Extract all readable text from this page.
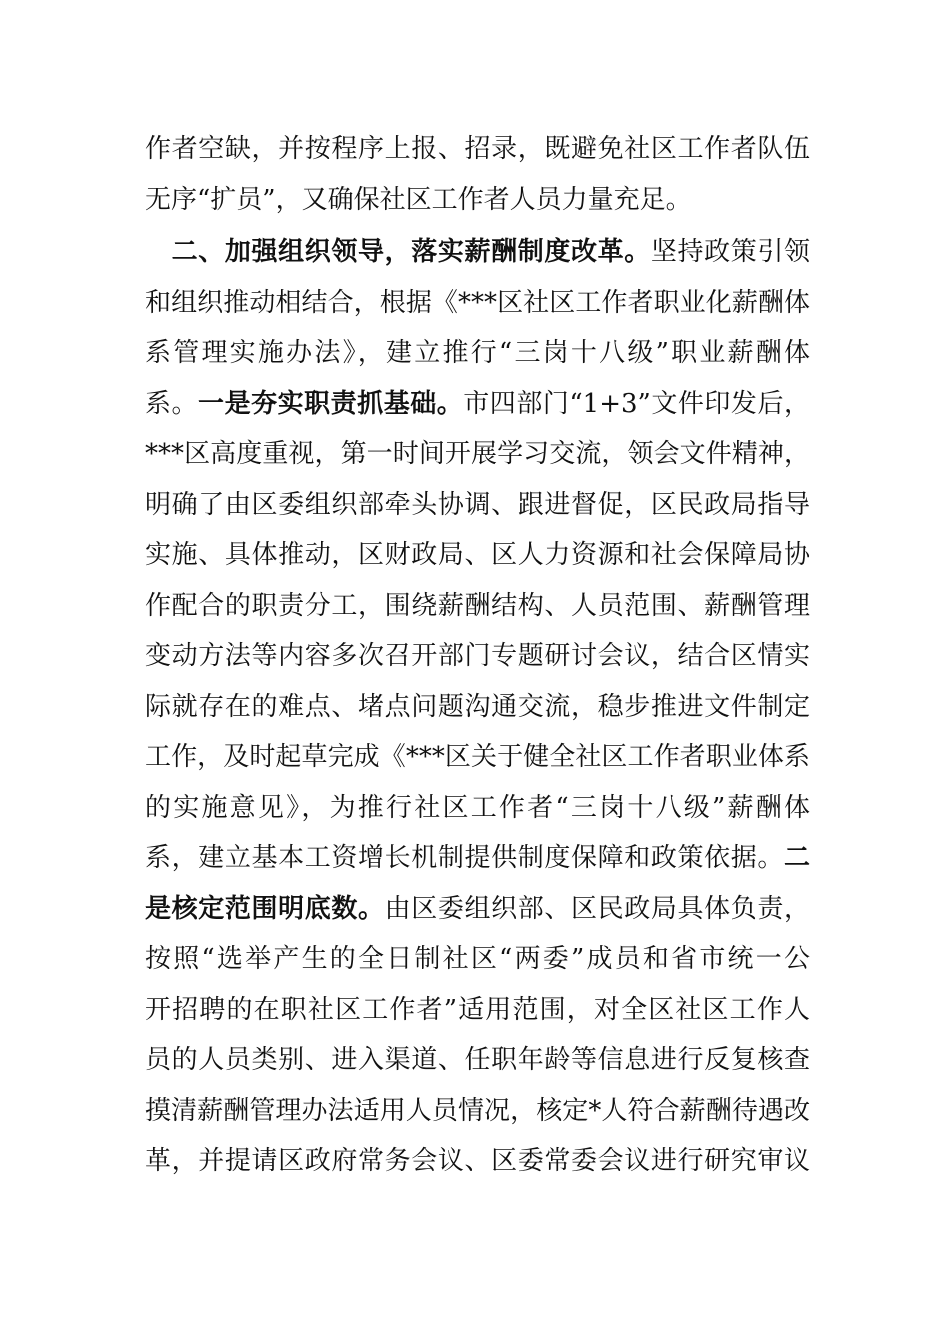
作者空缺，并按程序上报、招录，既避免社区工作者队伍
无序“扩员”，又确保社区工作者人员力量充足。
　二、加强组织领导，落实薪酬制度改革。坚持政策引领
和组织推动相结合，根据《***区社区工作者职业化薪酬体
系管理实施办法》，建立推行“三岗十八级”职业薪酬体
系。一是夯实职责抓基础。市四部门“1+3”文件印发后，
***区高度重视，第一时间开展学习交流，领会文件精神，
明确了由区委组织部牵头协调、跟进督促，区民政局指导
实施、具体推动，区财政局、区人力资源和社会保障局协
作配合的职责分工，围绕薪酬结构、人员范围、薪酬管理
变动方法等内容多次召开部门专题研讨会议，结合区情实
际就存在的难点、堵点问题沟通交流，稳步推进文件制定
工作，及时起草完成《***区关于健全社区工作者职业体系
的实施意见》，为推行社区工作者“三岗十八级”薪酬体
系，建立基本工资增长机制提供制度保障和政策依据。二
是核定范围明底数。由区委组织部、区民政局具体负责，
按照“选举产生的全日制社区“两委”成员和省市统一公
开招聘的在职社区工作者”适用范围，对全区社区工作人
员的人员类别、进入渠道、任职年龄等信息进行反复核查
摸清薪酬管理办法适用人员情况，核定*人符合薪酬待遇改
革，并提请区政府常务会议、区委常委会议进行研究审议
